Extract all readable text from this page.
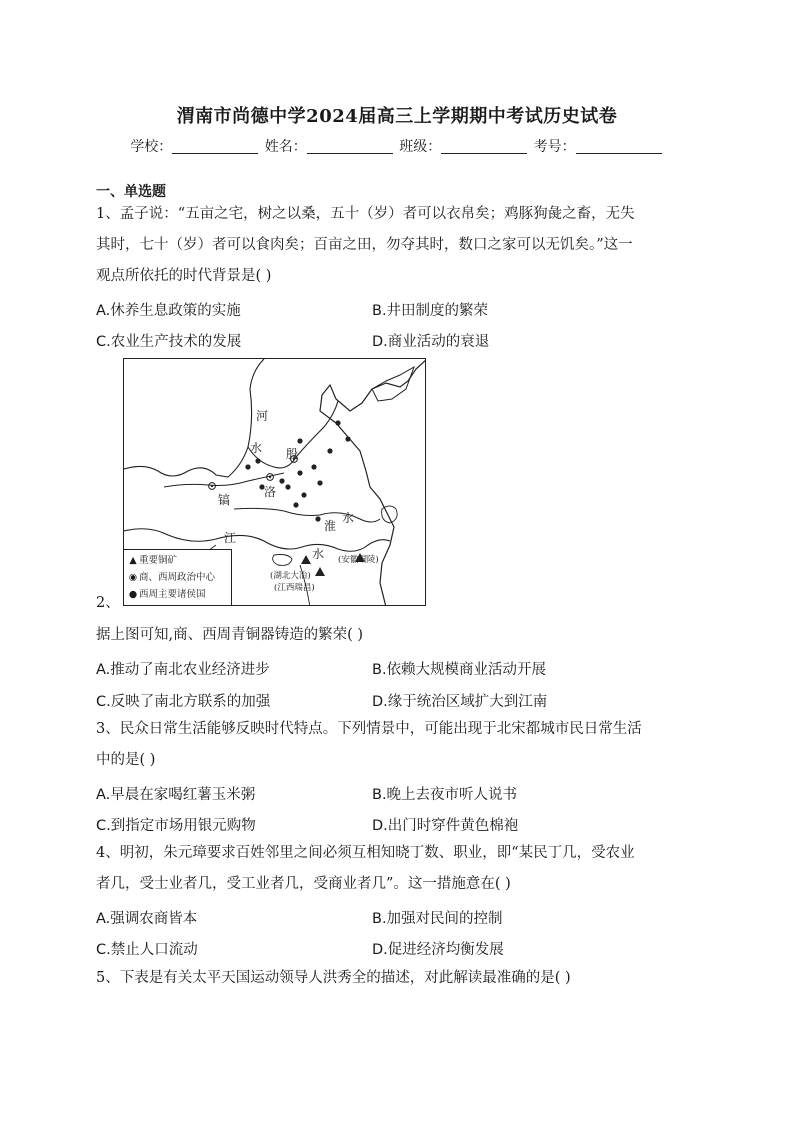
渭南市尚德中学2024届高三上学期期中考试历史试卷
学校：	姓名：	班级：	考号：
一、单选题
1、孟子说：“五亩之宅，树之以桑，五十（岁）者可以衣帛矣；鸡豚狗彘之畜，无失
其时，七十（岁）者可以食肉矣；百亩之田，勿夺其时，数口之家可以无饥矣。”这一
观点所依托的时代背景是( )
A.休养生息政策的实施	B.井田制度的繁荣
C.农业生产技术的发展	D.商业活动的衰退
河
水 殷
洛
镐
淮
水
江
水
(湖北大冶)
(江西瑞昌)
(安徽铜陵)
▲ 重要铜矿
◉ 商、西周政治中心
● 西周主要诸侯国
2、
据上图可知,商、西周青铜器铸造的繁荣( )
A.推动了南北农业经济进步	B.依赖大规模商业活动开展
C.反映了南北方联系的加强	D.缘于统治区域扩大到江南
3、民众日常生活能够反映时代特点。下列情景中，可能出现于北宋都城市民日常生活
中的是( )
A.早晨在家喝红薯玉米粥	B.晚上去夜市听人说书
C.到指定市场用银元购物	D.出门时穿件黄色棉袍
4、明初，朱元璋要求百姓邻里之间必须互相知晓丁数、职业，即“某民丁几，受农业
者几，受士业者几，受工业者几，受商业者几”。这一措施意在( )
A.强调农商皆本	B.加强对民间的控制
C.禁止人口流动	D.促进经济均衡发展
5、下表是有关太平天国运动领导人洪秀全的描述，对此解读最准确的是( )
